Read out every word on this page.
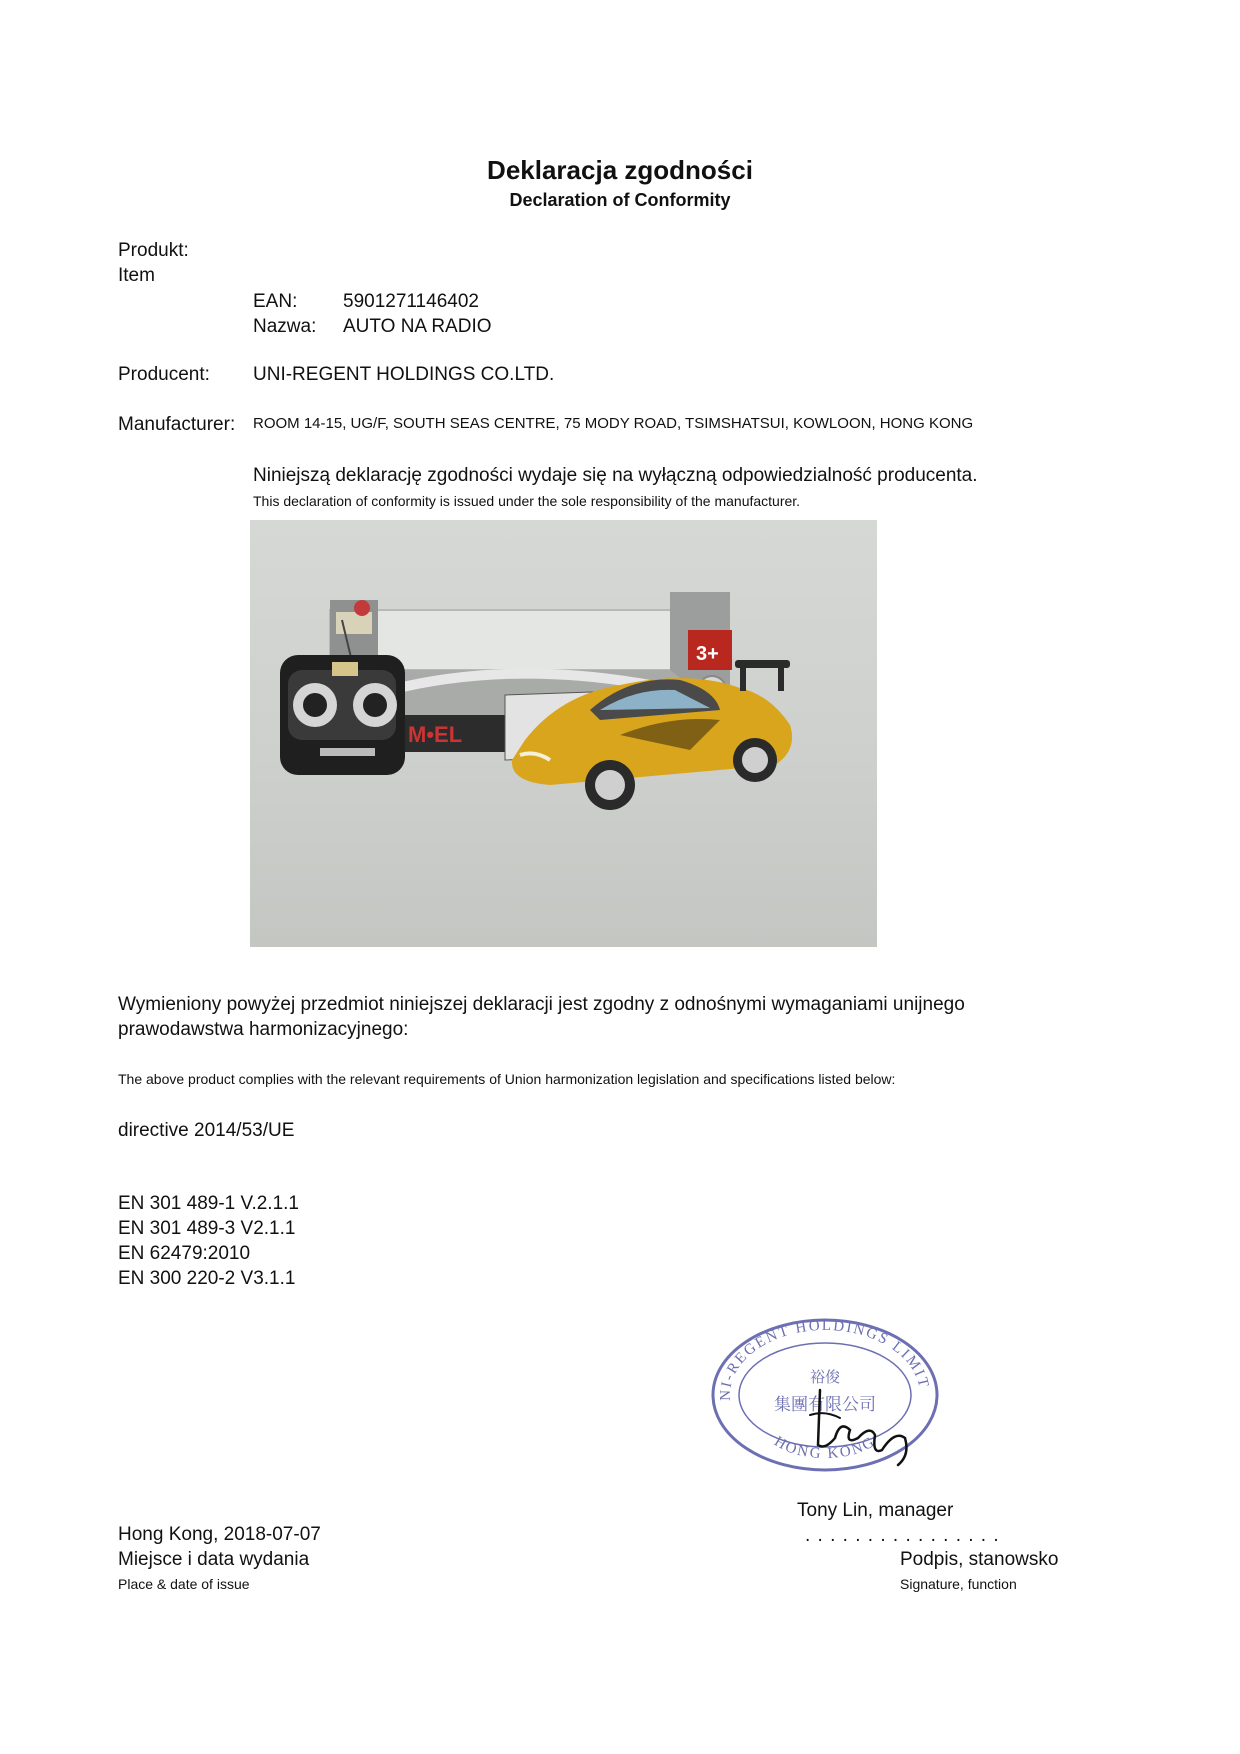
Deklaracja zgodności
Declaration of Conformity
Produkt:
Item
EAN: 5901271146402
Nazwa: AUTO NA RADIO
Producent: UNI-REGENT HOLDINGS CO.LTD.
Manufacturer: ROOM 14-15, UG/F, SOUTH SEAS CENTRE, 75 MODY ROAD, TSIMSHATSUI, KOWLOON, HONG KONG
Niniejszą deklarację zgodności wydaje się na wyłączną odpowiedzialność producenta.
This declaration of conformity is issued under the sole responsibility of the manufacturer.
3+
M•EL
Wymieniony powyżej przedmiot niniejszej deklaracji jest zgodny z odnośnymi wymaganiami unijnego
prawodawstwa harmonizacyjnego:
The above product complies with the relevant requirements of Union harmonization legislation and specifications listed below:
directive 2014/53/UE
EN 301 489-1 V.2.1.1
EN 301 489-3 V2.1.1
EN 62479:2010
EN 300 220-2 V3.1.1
NI-REGENT HOLDINGS LIMIT
HONG KONG
裕俊
集團有限公司
Tony Lin, manager
. . . . . . . . . . . . . . . .
Podpis, stanowsko
Signature, function
Hong Kong, 2018-07-07
Miejsce i data wydania
Place & date of issue
